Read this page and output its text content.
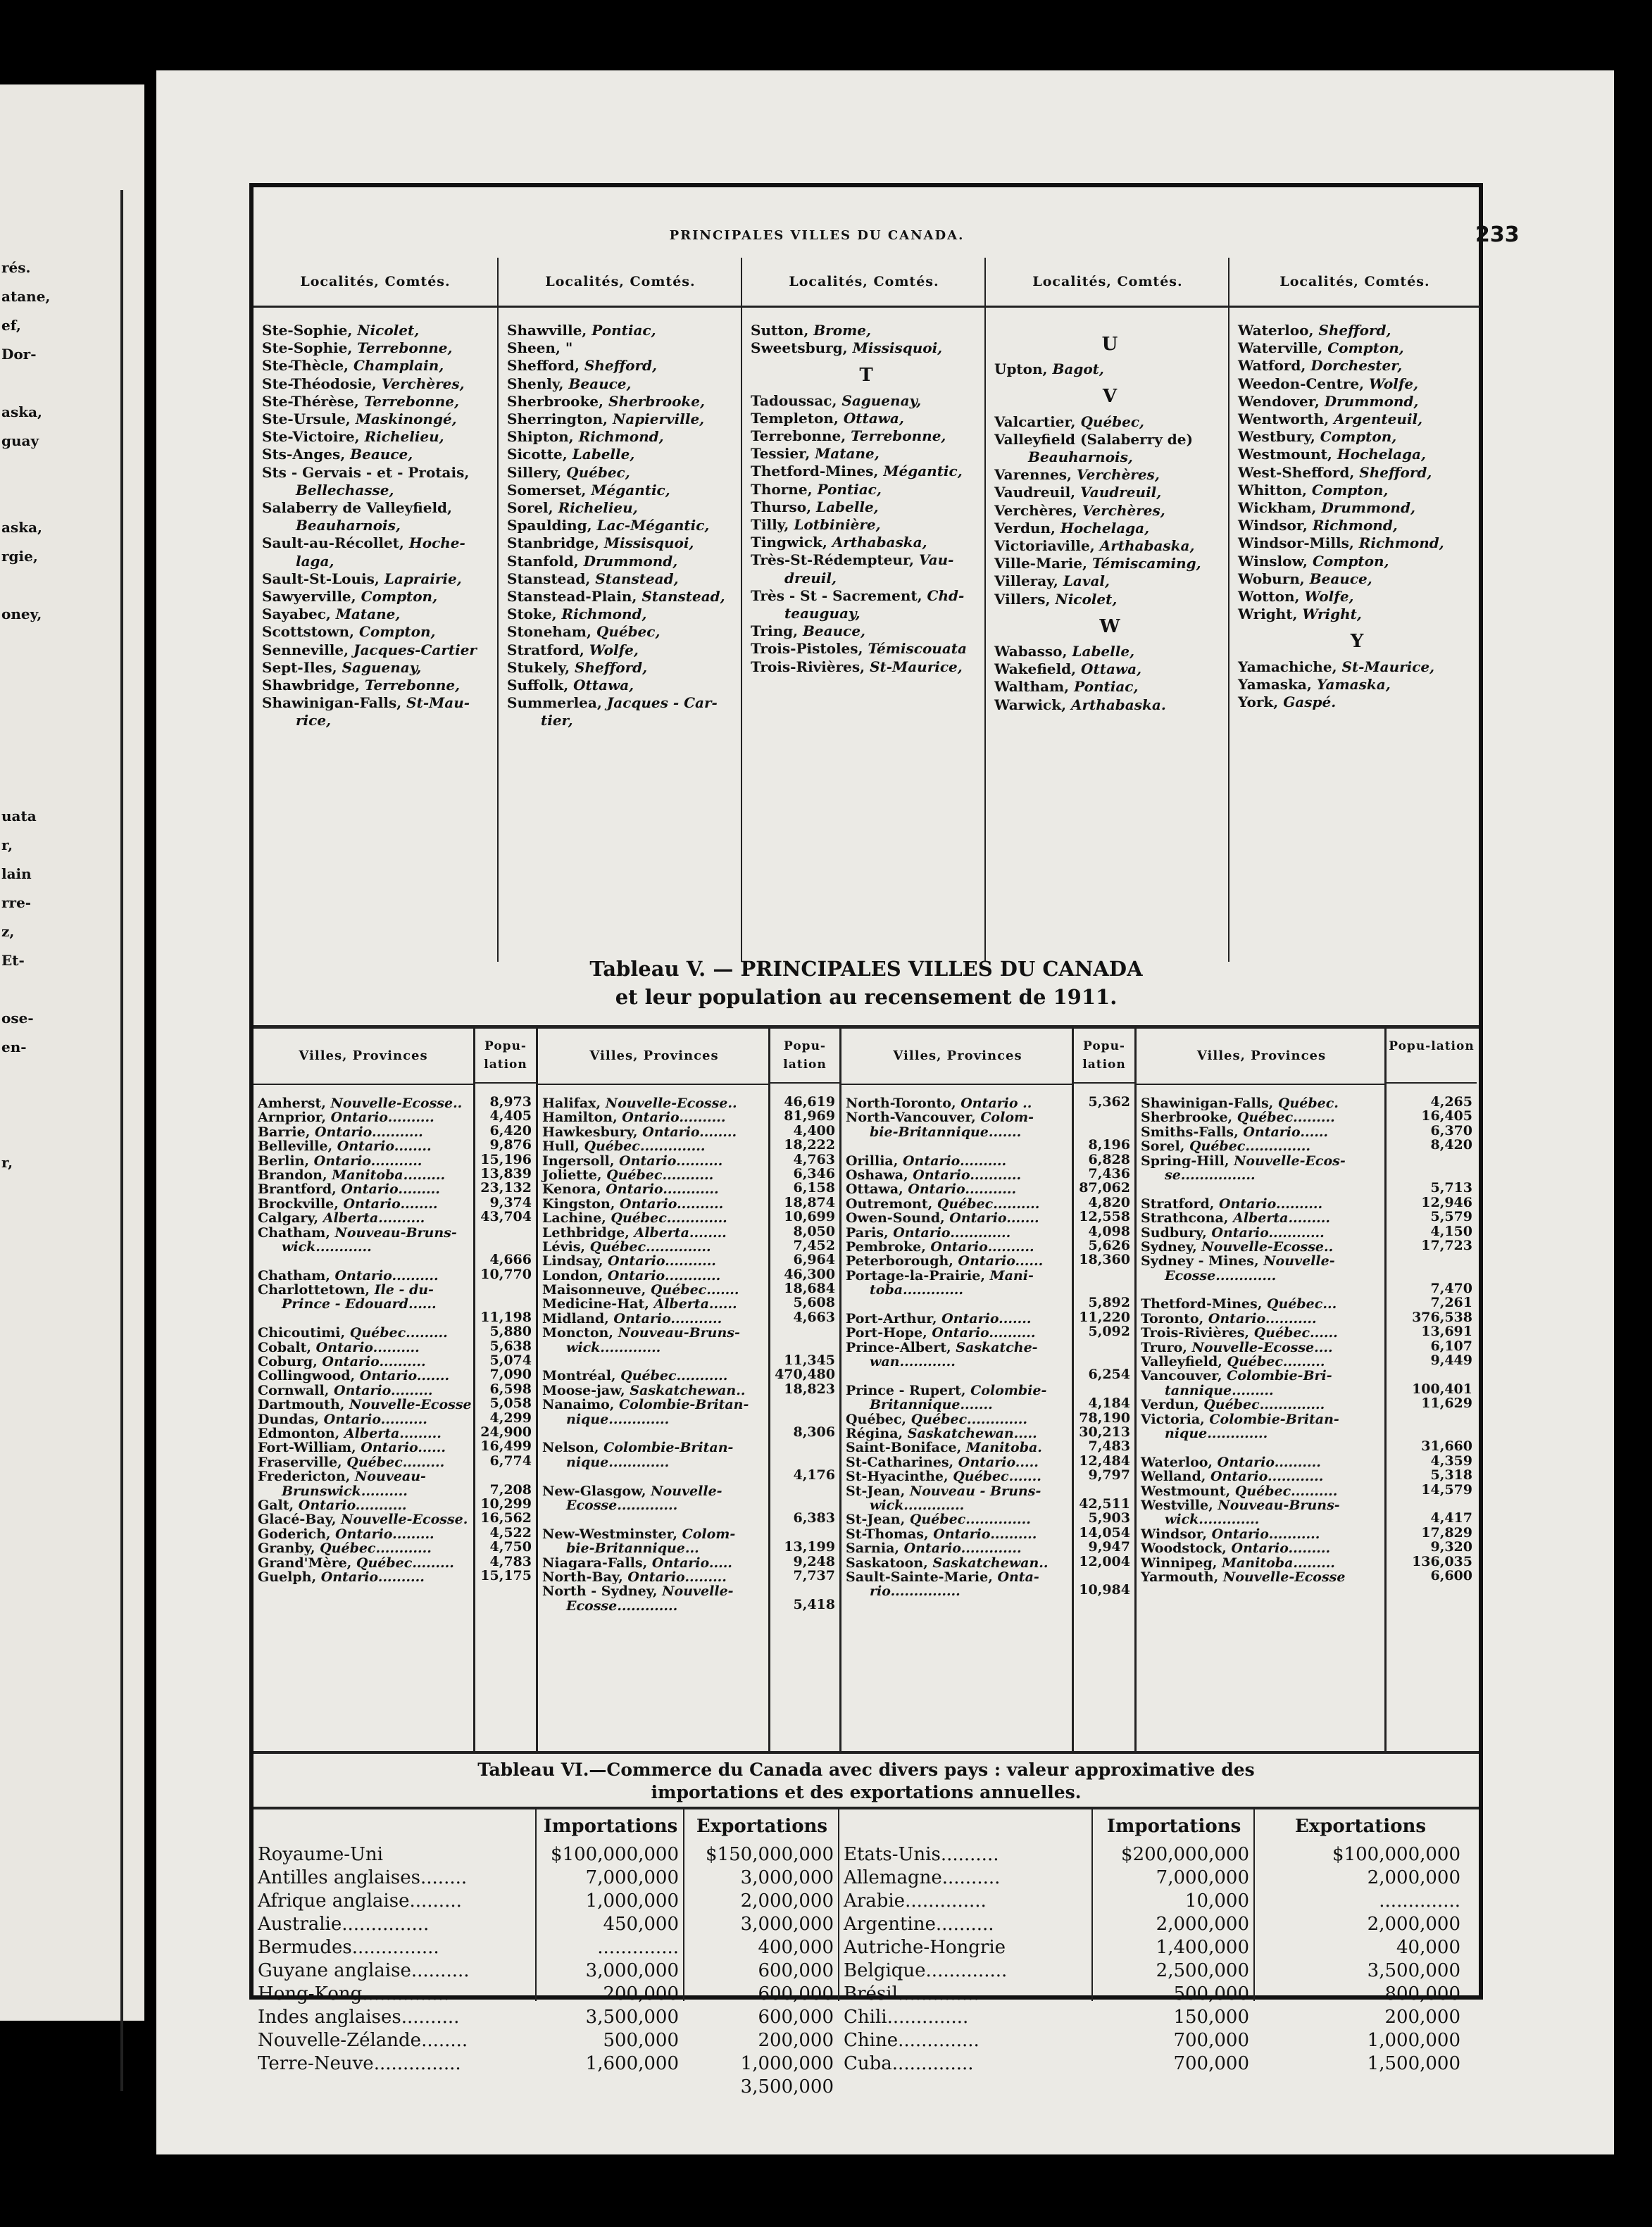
rés.
atane,
ef,
Dor-

aska,
guay

aska,
rgie,

oney,

uata
r,
lain
rre-
z,
Et-

ose-
en-

r,
PRINCIPALES VILLES DU CANADA.	233
Localités, Comtés.
Ste-Sophie, Nicolet,
Ste-Sophie, Terrebonne,
Ste-Thècle, Champlain,
Ste-Théodosie, Verchères,
Ste-Thérèse, Terrebonne,
Ste-Ursule, Maskinongé,
Ste-Victoire, Richelieu,
Sts-Anges, Beauce,
Sts - Gervais - et - Protais,
Bellechasse,
Salaberry de Valleyfield,
Beauharnois,
Sault-au-Récollet, Hoche-
laga,
Sault-St-Louis, Laprairie,
Sawyerville, Compton,
Sayabec, Matane,
Scottstown, Compton,
Senneville, Jacques-Cartier
Sept-Iles, Saguenay,
Shawbridge, Terrebonne,
Shawinigan-Falls, St-Mau-
rice,
Localités, Comtés.
Shawville, Pontiac,
Sheen, "
Shefford, Shefford,
Shenly, Beauce,
Sherbrooke, Sherbrooke,
Sherrington, Napierville,
Shipton, Richmond,
Sicotte, Labelle,
Sillery, Québec,
Somerset, Mégantic,
Sorel, Richelieu,
Spaulding, Lac-Mégantic,
Stanbridge, Missisquoi,
Stanfold, Drummond,
Stanstead, Stanstead,
Stanstead-Plain, Stanstead,
Stoke, Richmond,
Stoneham, Québec,
Stratford, Wolfe,
Stukely, Shefford,
Suffolk, Ottawa,
Summerlea, Jacques - Car-
tier,
Localités, Comtés.
Sutton, Brome,
Sweetsburg, Missisquoi,
T
Tadoussac, Saguenay,
Templeton, Ottawa,
Terrebonne, Terrebonne,
Tessier, Matane,
Thetford-Mines, Mégantic,
Thorne, Pontiac,
Thurso, Labelle,
Tilly, Lotbinière,
Tingwick, Arthabaska,
Très-St-Rédempteur, Vau-
dreuil,
Très - St - Sacrement, Chd-
teauguay,
Tring, Beauce,
Trois-Pistoles, Témiscouata
Trois-Rivières, St-Maurice,
Localités, Comtés.
U
Upton, Bagot,
V
Valcartier, Québec,
Valleyfield (Salaberry de)
Beauharnois,
Varennes, Verchères,
Vaudreuil, Vaudreuil,
Verchères, Verchères,
Verdun, Hochelaga,
Victoriaville, Arthabaska,
Ville-Marie, Témiscaming,
Villeray, Laval,
Villers, Nicolet,
W
Wabasso, Labelle,
Wakefield, Ottawa,
Waltham, Pontiac,
Warwick, Arthabaska.
Localités, Comtés.
Waterloo, Shefford,
Waterville, Compton,
Watford, Dorchester,
Weedon-Centre, Wolfe,
Wendover, Drummond,
Wentworth, Argenteuil,
Westbury, Compton,
Westmount, Hochelaga,
West-Shefford, Shefford,
Whitton, Compton,
Wickham, Drummond,
Windsor, Richmond,
Windsor-Mills, Richmond,
Winslow, Compton,
Woburn, Beauce,
Wotton, Wolfe,
Wright, Wright,
Y
Yamachiche, St-Maurice,
Yamaska, Yamaska,
York, Gaspé.
Tableau V. — PRINCIPALES VILLES DU CANADA
et leur population au recensement de 1911.
Villes, Provinces
Amherst, Nouvelle-Ecosse..
Arnprior, Ontario..........
Barrie, Ontario...........
Belleville, Ontario........
Berlin, Ontario...........
Brandon, Manitoba.........
Brantford, Ontario.........
Brockville, Ontario........
Calgary, Alberta..........
Chatham, Nouveau-Bruns-
wick............

Chatham, Ontario..........
Charlottetown, Ile - du-
Prince - Edouard......

Chicoutimi, Québec.........
Cobalt, Ontario..........
Coburg, Ontario..........
Collingwood, Ontario.......
Cornwall, Ontario.........
Dartmouth, Nouvelle-Ecosse
Dundas, Ontario..........
Edmonton, Alberta.........
Fort-William, Ontario......
Fraserville, Québec.........
Fredericton, Nouveau-
Brunswick..........
Galt, Ontario...........
Glacé-Bay, Nouvelle-Ecosse.
Goderich, Ontario.........
Granby, Québec............
Grand'Mère, Québec.........
Guelph, Ontario..........
Popu-lation
8,973
4,405
6,420
9,876
15,196
13,839
23,132
9,374
43,704

4,666
10,770

11,198
5,880
5,638
5,074
7,090
6,598
5,058
4,299
24,900
16,499
6,774

7,208
10,299
16,562
4,522
4,750
4,783
15,175
Villes, Provinces
Halifax, Nouvelle-Ecosse..
Hamilton, Ontario..........
Hawkesbury, Ontario........
Hull, Québec..............
Ingersoll, Ontario..........
Joliette, Québec...........
Kenora, Ontario............
Kingston, Ontario..........
Lachine, Québec.............
Lethbridge, Alberta........
Lévis, Québec..............
Lindsay, Ontario...........
London, Ontario............
Maisonneuve, Québec.......
Medicine-Hat, Alberta......
Midland, Ontario...........
Moncton, Nouveau-Bruns-
wick.............

Montréal, Québec...........
Moose-jaw, Saskatchewan..
Nanaimo, Colombie-Britan-
nique.............

Nelson, Colombie-Britan-
nique.............

New-Glasgow, Nouvelle-
Ecosse.............

New-Westminster, Colom-
bie-Britannique...
Niagara-Falls, Ontario.....
North-Bay, Ontario.........
North - Sydney, Nouvelle-
Ecosse.............
Popu-lation
46,619
81,969
4,400
18,222
4,763
6,346
6,158
18,874
10,699
8,050
7,452
6,964
46,300
18,684
5,608
4,663

11,345
470,480
18,823

8,306

4,176

6,383

13,199
9,248
7,737

5,418
Villes, Provinces
North-Toronto, Ontario ..
North-Vancouver, Colom-
bie-Britannique.......

Orillia, Ontario..........
Oshawa, Ontario...........
Ottawa, Ontario...........
Outremont, Québec..........
Owen-Sound, Ontario.......
Paris, Ontario.............
Pembroke, Ontario..........
Peterborough, Ontario......
Portage-la-Prairie, Mani-
toba.............

Port-Arthur, Ontario.......
Port-Hope, Ontario..........
Prince-Albert, Saskatche-
wan............

Prince - Rupert, Colombie-
Britannique.......
Québec, Québec.............
Régina, Saskatchewan.....
Saint-Boniface, Manitoba.
St-Catharines, Ontario.....
St-Hyacinthe, Québec.......
St-Jean, Nouveau - Bruns-
wick.............
St-Jean, Québec..............
St-Thomas, Ontario..........
Sarnia, Ontario.............
Saskatoon, Saskatchewan..
Sault-Sainte-Marie, Onta-
rio...............
Popu-lation
5,362

8,196
6,828
7,436
87,062
4,820
12,558
4,098
5,626
18,360

5,892
11,220
5,092

6,254

4,184
78,190
30,213
7,483
12,484
9,797

42,511
5,903
14,054
9,947
12,004

10,984
Villes, Provinces
Shawinigan-Falls, Québec.
Sherbrooke, Québec.........
Smiths-Falls, Ontario......
Sorel, Québec..............
Spring-Hill, Nouvelle-Ecos-
se................

Stratford, Ontario..........
Strathcona, Alberta.........
Sudbury, Ontario............
Sydney, Nouvelle-Ecosse..
Sydney - Mines, Nouvelle-
Ecosse.............

Thetford-Mines, Québec...
Toronto, Ontario...........
Trois-Rivières, Québec......
Truro, Nouvelle-Ecosse....
Valleyfield, Québec.........
Vancouver, Colombie-Bri-
tannique.........
Verdun, Québec..............
Victoria, Colombie-Britan-
nique.............

Waterloo, Ontario..........
Welland, Ontario............
Westmount, Québec..........
Westville, Nouveau-Bruns-
wick.............
Windsor, Ontario...........
Woodstock, Ontario.........
Winnipeg, Manitoba.........
Yarmouth, Nouvelle-Ecosse
Popu-lation
4,265
16,405
6,370
8,420

5,713
12,946
5,579
4,150
17,723

7,470
7,261
376,538
13,691
6,107
9,449

100,401
11,629

31,660
4,359
5,318
14,579

4,417
17,829
9,320
136,035
6,600
Tableau VI.—Commerce du Canada avec divers pays : valeur approximative des
importations et des exportations annuelles.

Royaume-Uni
Antilles anglaises........
Afrique anglaise.........
Australie...............
Bermudes...............
Guyane anglaise..........
Hong-Kong...............
Indes anglaises..........
Nouvelle-Zélande........
Terre-Neuve...............

Importations
$100,000,000
7,000,000
1,000,000
450,000
..............
3,000,000
200,000
3,500,000
500,000
1,600,000

Exportations
$150,000,000
3,000,000
2,000,000
3,000,000
400,000
600,000
600,000
600,000
200,000
1,000,000
3,500,000

Etats-Unis..........
Allemagne..........
Arabie..............
Argentine..........
Autriche-Hongrie
Belgique..............
Brésil..............
Chili..............
Chine..............
Cuba..............
Importations
$200,000,000
7,000,000
10,000
2,000,000
1,400,000
2,500,000
500,000
150,000
700,000
700,000
Exportations
$100,000,000
2,000,000
..............
2,000,000
40,000
3,500,000
800,000
200,000
1,000,000
1,500,000
